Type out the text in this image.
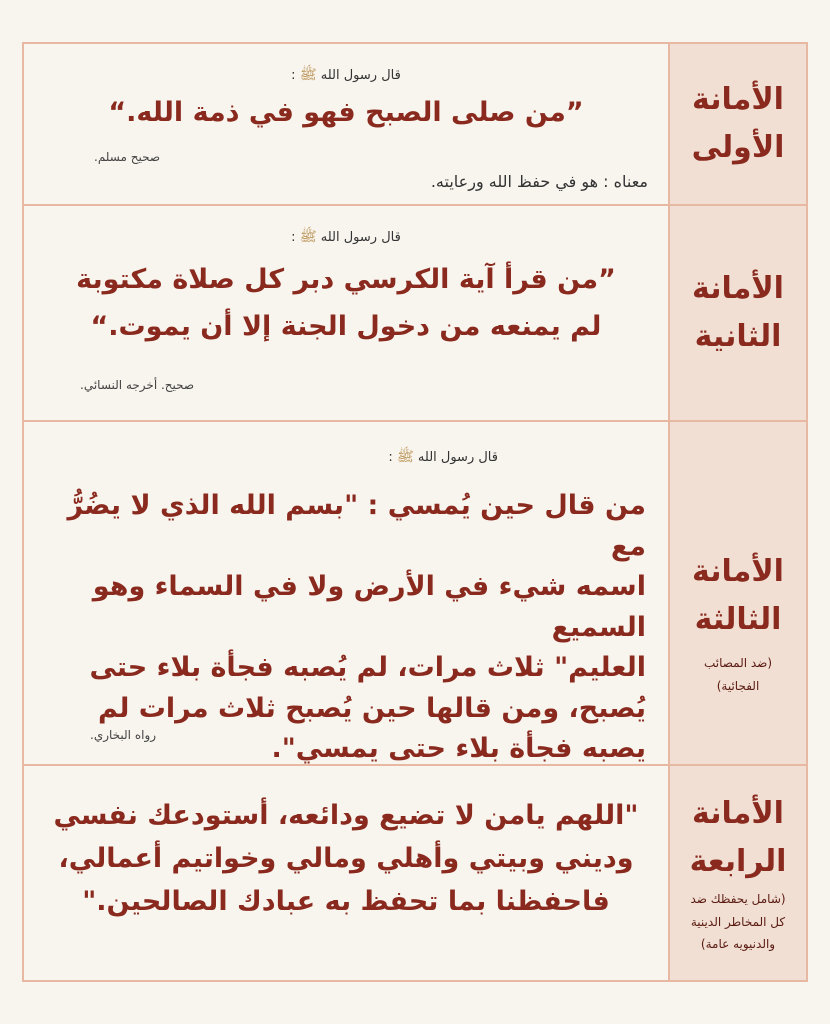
الأمانة
الأولى
قال رسول الله ﷺ :
”من صلى الصبح فهو في ذمة الله.“
صحيح مسلم.
معناه : هو في حفظ الله ورعايته.
الأمانة
الثانية
قال رسول الله ﷺ :
”من قرأ آية الكرسي دبر كل صلاة مكتوبة
لم يمنعه من دخول الجنة إلا أن يموت.“
صحيح. أخرجه النسائي.
الأمانة
الثالثة
(ضد المصائب
الفجائية)
قال رسول الله ﷺ :
من قال حين يُمسي : "بسم الله الذي لا يضُرُّ مع
اسمه شيء في الأرض ولا في السماء وهو السميع
العليم" ثلاث مرات، لم يُصبه فجأة بلاء حتى
يُصبح، ومن قالها حين يُصبح ثلاث مرات لم
يصبه فجأة بلاء حتى يمسي".
رواه البخاري.
الأمانة
الرابعة
(شامل يحفظك ضد
كل المخاطر الدينية
والدنيويه عامة)
"اللهم يامن لا تضيع ودائعه، أستودعك نفسي
وديني وبيتي وأهلي ومالي وخواتيم أعمالي،
فاحفظنا بما تحفظ به عبادك الصالحين."
